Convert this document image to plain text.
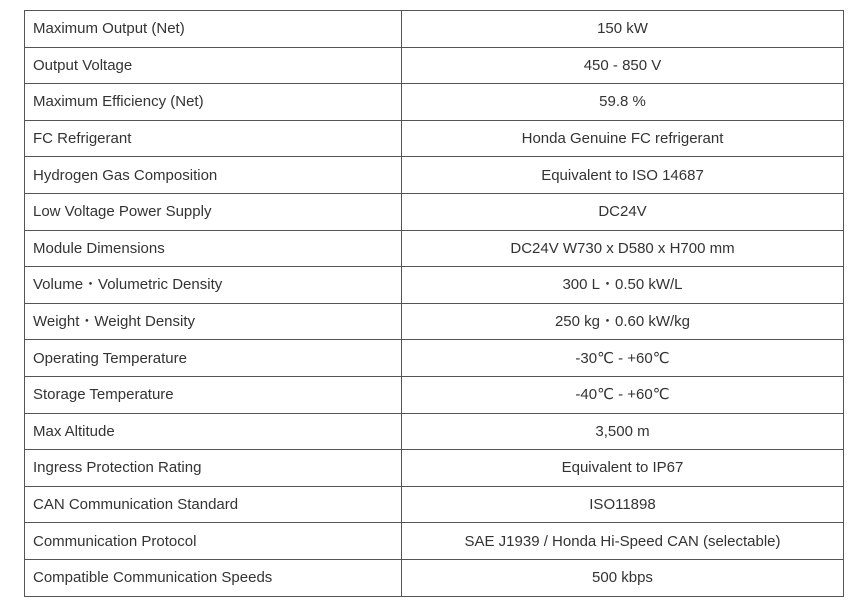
Maximum Output (Net)	150 kW
Output Voltage	450 - 850 V
Maximum Efficiency (Net)	59.8 %
FC Refrigerant	Honda Genuine FC refrigerant
Hydrogen Gas Composition	Equivalent to ISO 14687
Low Voltage Power Supply	DC24V
Module Dimensions	DC24V W730 x D580 x H700 mm
Volume・Volumetric Density	300 L・0.50 kW/L
Weight・Weight Density	250 kg・0.60 kW/kg
Operating Temperature	-30℃ - +60℃
Storage Temperature	-40℃ - +60℃
Max Altitude	3,500 m
Ingress Protection Rating	Equivalent to IP67
CAN Communication Standard	ISO11898
Communication Protocol	SAE J1939 / Honda Hi-Speed CAN (selectable)
Compatible Communication Speeds	500 kbps
